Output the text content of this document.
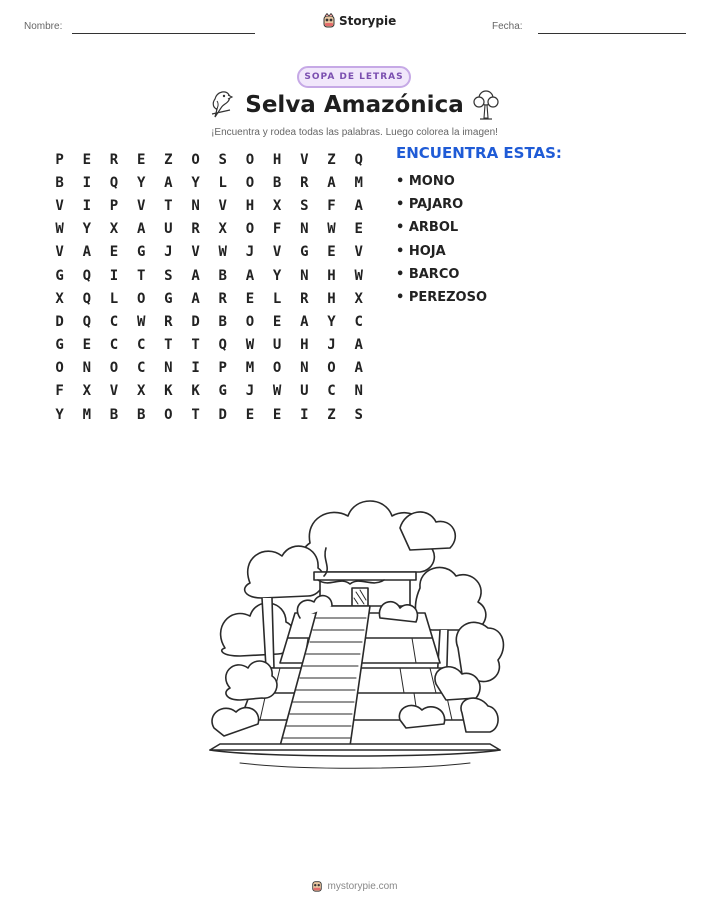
Nombre:	Storypie	Fecha:
SOPA DE LETRAS
Selva Amazónica
¡Encuentra y rodea todas las palabras. Luego colorea la imagen!
P	E	R	E	Z	O	S	O	H	V	Z	Q
B	I	Q	Y	A	Y	L	O	B	R	A	M
V	I	P	V	T	N	V	H	X	S	F	A
W	Y	X	A	U	R	X	O	F	N	W	E
V	A	E	G	J	V	W	J	V	G	E	V
G	Q	I	T	S	A	B	A	Y	N	H	W
X	Q	L	O	G	A	R	E	L	R	H	X
D	Q	C	W	R	D	B	O	E	A	Y	C
G	E	C	C	T	T	Q	W	U	H	J	A
O	N	O	C	N	I	P	M	O	N	O	A
F	X	V	X	K	K	G	J	W	U	C	N
Y	M	B	B	O	T	D	E	E	I	Z	S
ENCUENTRA ESTAS:
• MONO
• PAJARO
• ARBOL
• HOJA
• BARCO
• PEREZOSO
mystorypie.com
